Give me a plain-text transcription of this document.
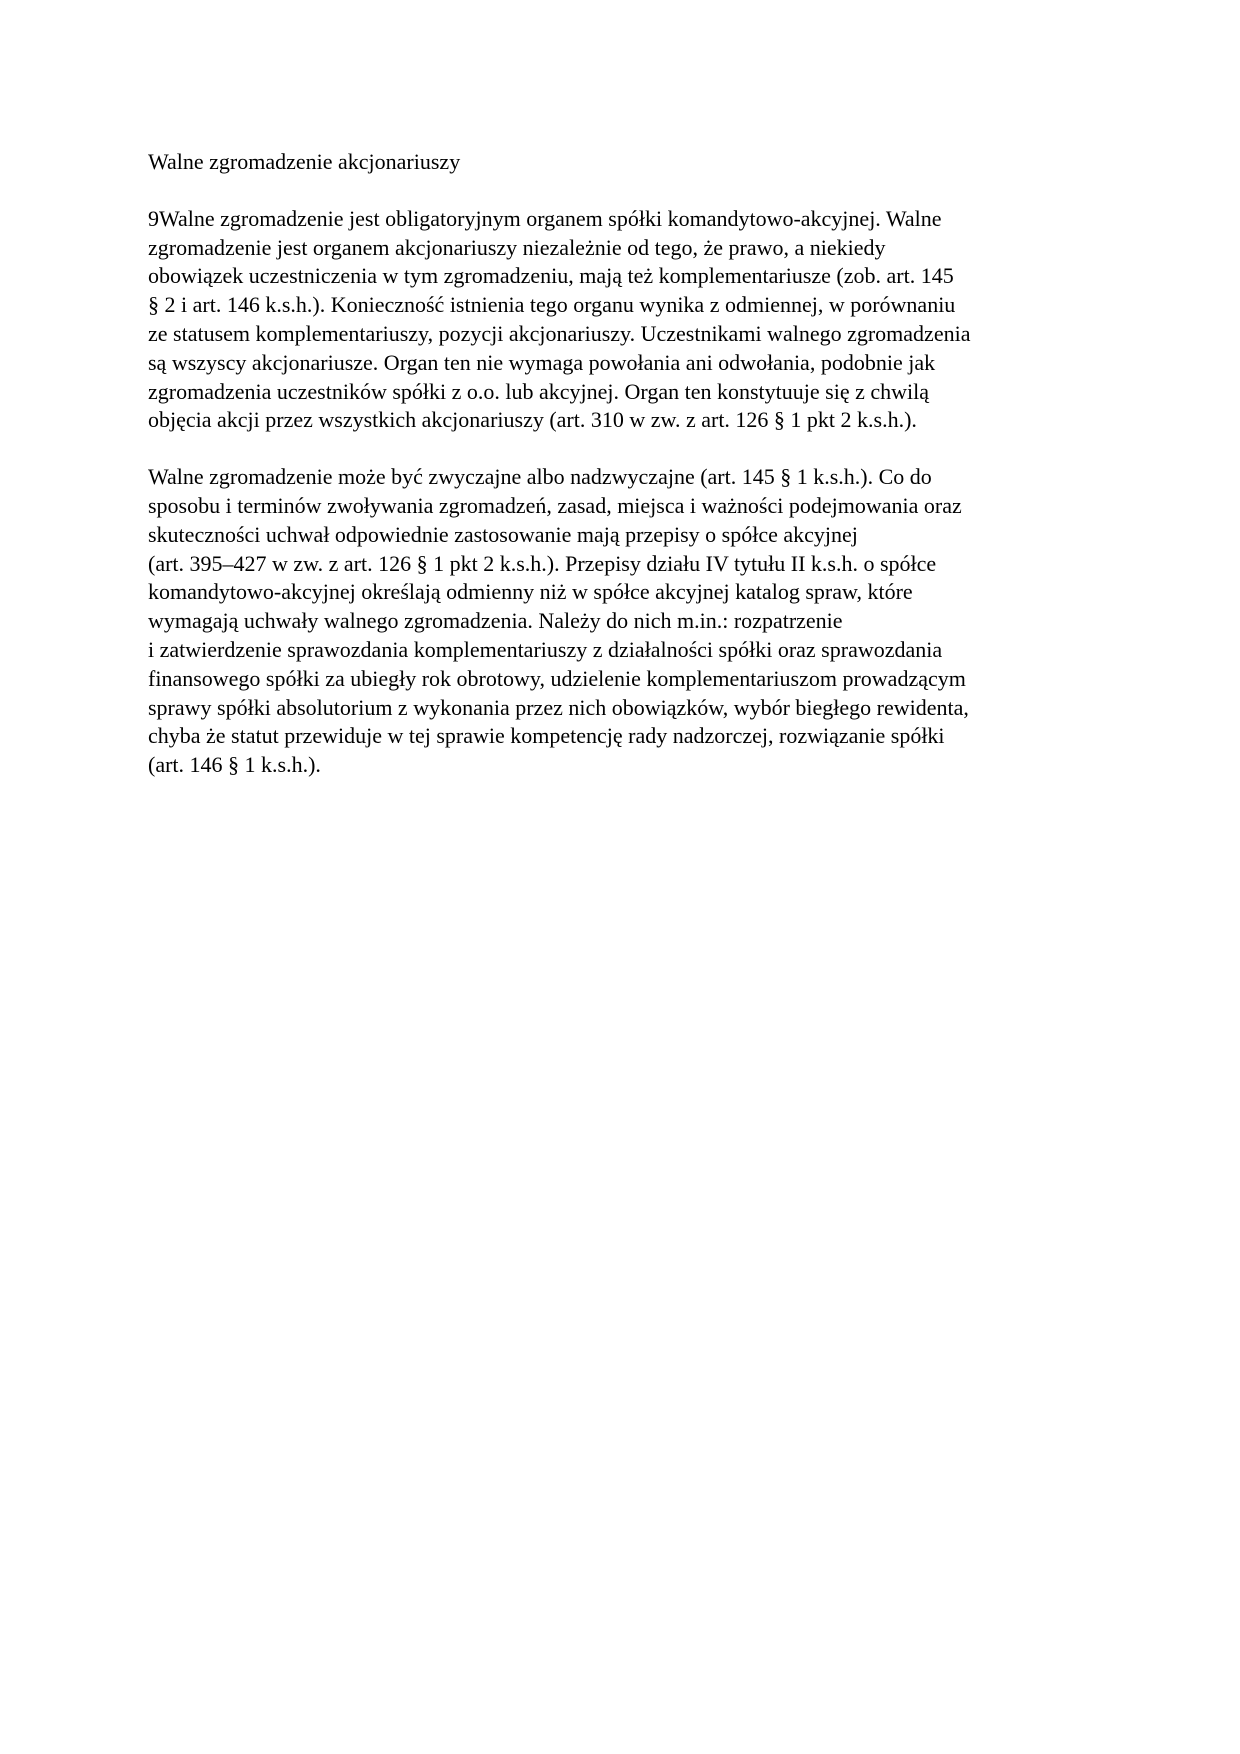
Walne zgromadzenie akcjonariuszy
9Walne zgromadzenie jest obligatoryjnym organem spółki komandytowo-akcyjnej. Walne
zgromadzenie jest organem akcjonariuszy niezależnie od tego, że prawo, a niekiedy
obowiązek uczestniczenia w tym zgromadzeniu, mają też komplementariusze (zob. art. 145
§ 2 i art. 146 k.s.h.). Konieczność istnienia tego organu wynika z odmiennej, w porównaniu
ze statusem komplementariuszy, pozycji akcjonariuszy. Uczestnikami walnego zgromadzenia
są wszyscy akcjonariusze. Organ ten nie wymaga powołania ani odwołania, podobnie jak
zgromadzenia uczestników spółki z o.o. lub akcyjnej. Organ ten konstytuuje się z chwilą
objęcia akcji przez wszystkich akcjonariuszy (art. 310 w zw. z art. 126 § 1 pkt 2 k.s.h.).
Walne zgromadzenie może być zwyczajne albo nadzwyczajne (art. 145 § 1 k.s.h.). Co do
sposobu i terminów zwoływania zgromadzeń, zasad, miejsca i ważności podejmowania oraz
skuteczności uchwał odpowiednie zastosowanie mają przepisy o spółce akcyjnej
(art. 395–427 w zw. z art. 126 § 1 pkt 2 k.s.h.). Przepisy działu IV tytułu II k.s.h. o spółce
komandytowo-akcyjnej określają odmienny niż w spółce akcyjnej katalog spraw, które
wymagają uchwały walnego zgromadzenia. Należy do nich m.in.: rozpatrzenie
i zatwierdzenie sprawozdania komplementariuszy z działalności spółki oraz sprawozdania
finansowego spółki za ubiegły rok obrotowy, udzielenie komplementariuszom prowadzącym
sprawy spółki absolutorium z wykonania przez nich obowiązków, wybór biegłego rewidenta,
chyba że statut przewiduje w tej sprawie kompetencję rady nadzorczej, rozwiązanie spółki
(art. 146 § 1 k.s.h.).
